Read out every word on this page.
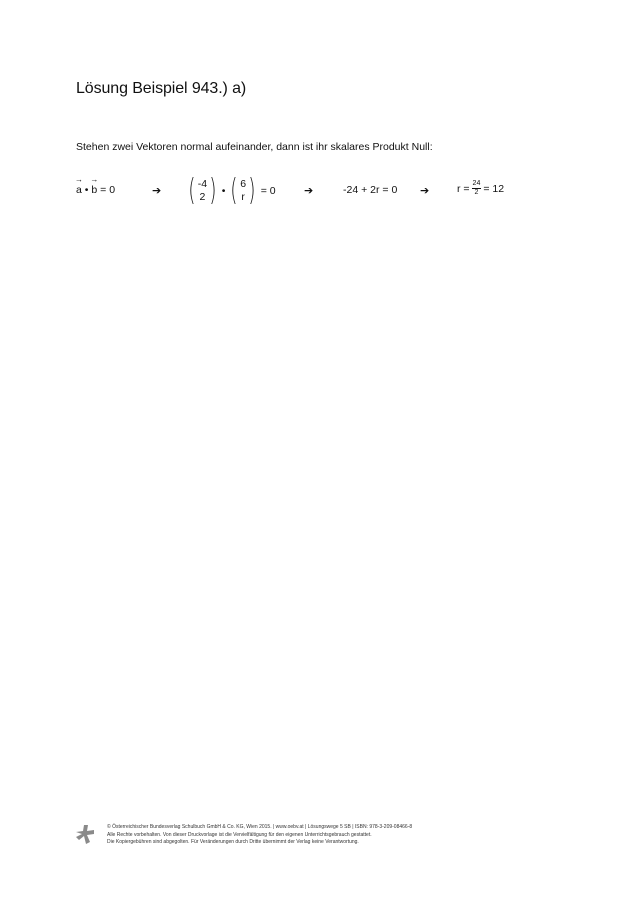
Lösung Beispiel 943.) a)
Stehen zwei Vektoren normal aufeinander, dann ist ihr skalares Produkt Null:
→
a •
→
b = 0	➔ ( -4
2 ) • ( 6
r ) = 0	➔	-24 + 2r = 0 ➔	$r = \frac{24}{2} = 12$
© Österreichischer Bundesverlag Schulbuch GmbH & Co. KG, Wien 2015. | www.oebv.at | Lösungswege 5 SB | ISBN: 978-3-209-08466-8
Alle Rechte vorbehalten. Von dieser Druckvorlage ist die Vervielfältigung für den eigenen Unterrichtsgebrauch gestattet.
Die Kopiergebühren sind abgegolten. Für Veränderungen durch Dritte übernimmt der Verlag keine Verantwortung.
